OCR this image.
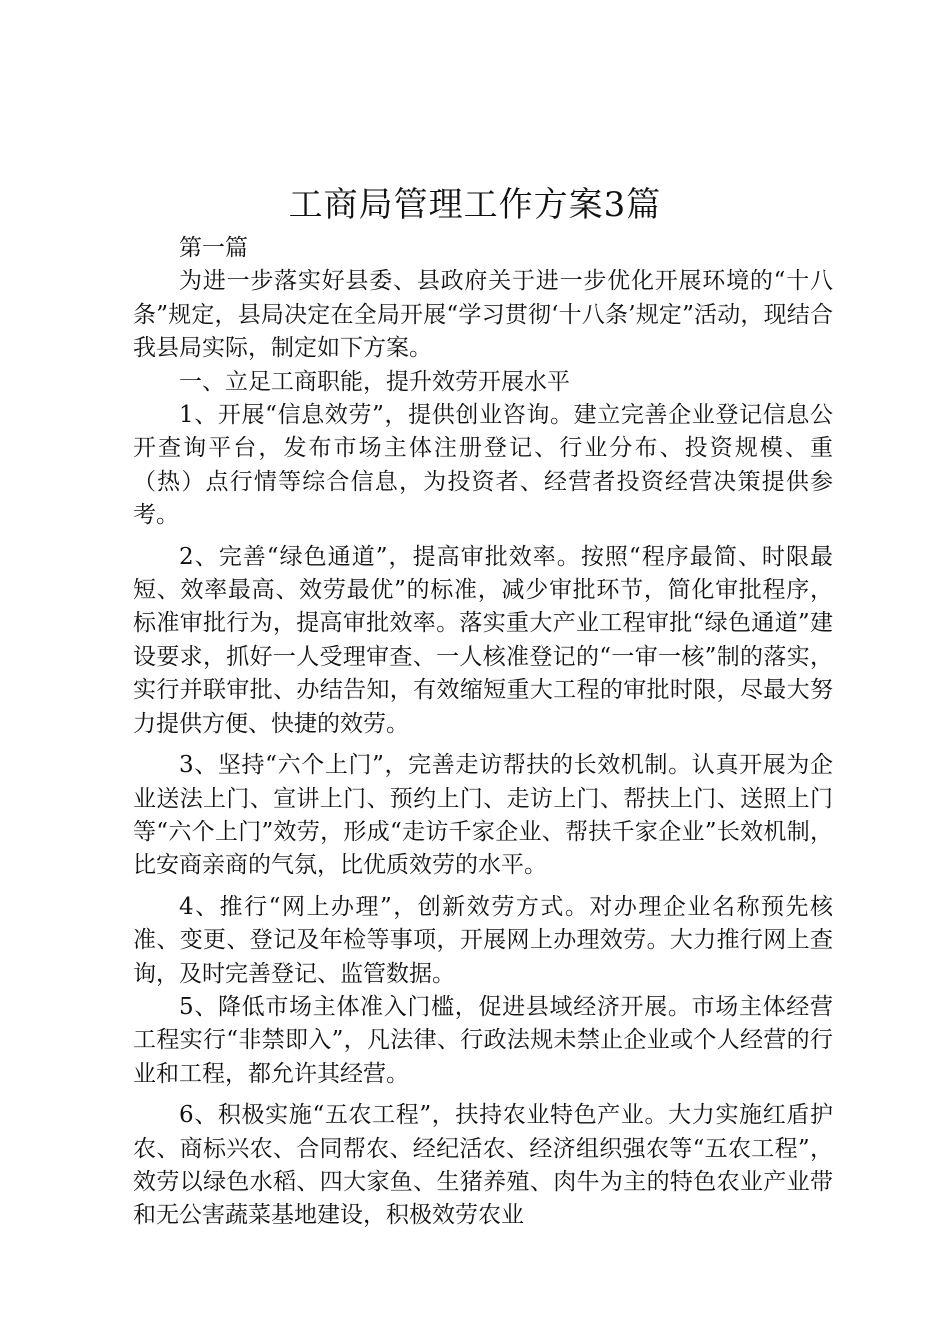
工商局管理工作方案3篇

第一篇

为进一步落实好县委、县政府关于进一步优化开展环境的“十八条”规定，县局决定在全局开展“学习贯彻‘十八条’规定”活动，现结合我县局实际，制定如下方案。

一、立足工商职能，提升效劳开展水平

1、开展“信息效劳”，提供创业咨询。建立完善企业登记信息公开查询平台，发布市场主体注册登记、行业分布、投资规模、重（热）点行情等综合信息，为投资者、经营者投资经营决策提供参考。

2、完善“绿色通道”，提高审批效率。按照“程序最简、时限最短、效率最高、效劳最优”的标准，减少审批环节，简化审批程序，标准审批行为，提高审批效率。落实重大产业工程审批“绿色通道”建设要求，抓好一人受理审查、一人核准登记的“一审一核”制的落实，实行并联审批、办结告知，有效缩短重大工程的审批时限，尽最大努力提供方便、快捷的效劳。

3、坚持“六个上门”，完善走访帮扶的长效机制。认真开展为企业送法上门、宣讲上门、预约上门、走访上门、帮扶上门、送照上门等“六个上门”效劳，形成“走访千家企业、帮扶千家企业”长效机制，比安商亲商的气氛，比优质效劳的水平。

4、推行“网上办理”，创新效劳方式。对办理企业名称预先核准、变更、登记及年检等事项，开展网上办理效劳。大力推行网上查询，及时完善登记、监管数据。

5、降低市场主体准入门槛，促进县域经济开展。市场主体经营工程实行“非禁即入”，凡法律、行政法规未禁止企业或个人经营的行业和工程，都允许其经营。

6、积极实施“五农工程”，扶持农业特色产业。大力实施红盾护农、商标兴农、合同帮农、经纪活农、经济组织强农等“五农工程”，效劳以绿色水稻、四大家鱼、生猪养殖、肉牛为主的特色农业产业带和无公害蔬菜基地建设，积极效劳农业
